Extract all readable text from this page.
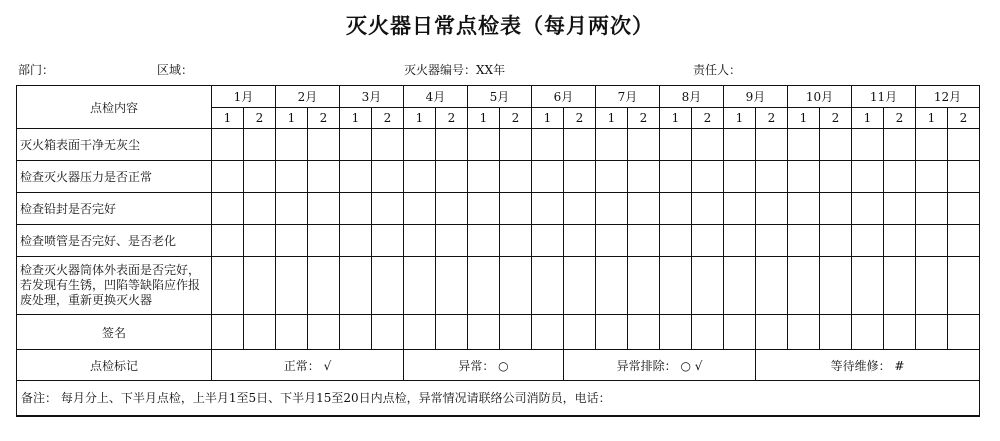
灭火器日常点检表（每月两次）
部门：	区域：	灭火器编号：XX年	责任人：
点检内容	1月		2月		3月		4月		5月		6月		7月		8月		9月		10月		11月		12月	
	1	2	1	2	1	2	1	2	1	2	1	2	1	2	1	2	1	2	1	2	1	2	1	2
灭火箱表面干净无灰尘																								
检查灭火器压力是否正常																								
检查铅封是否完好																								
检查喷管是否完好、是否老化																								
检查灭火器筒体外表面是否完好，若发现有生锈，凹陷等缺陷应作报废处理，重新更换灭火器																								
签名																								
点检标记	正常： √						异常： ○					异常排除： ○ √						等待维修： #						
备注： 每月分上、下半月点检，上半月1至5日、下半月15至20日内点检，异常情况请联络公司消防员，电话：																								
